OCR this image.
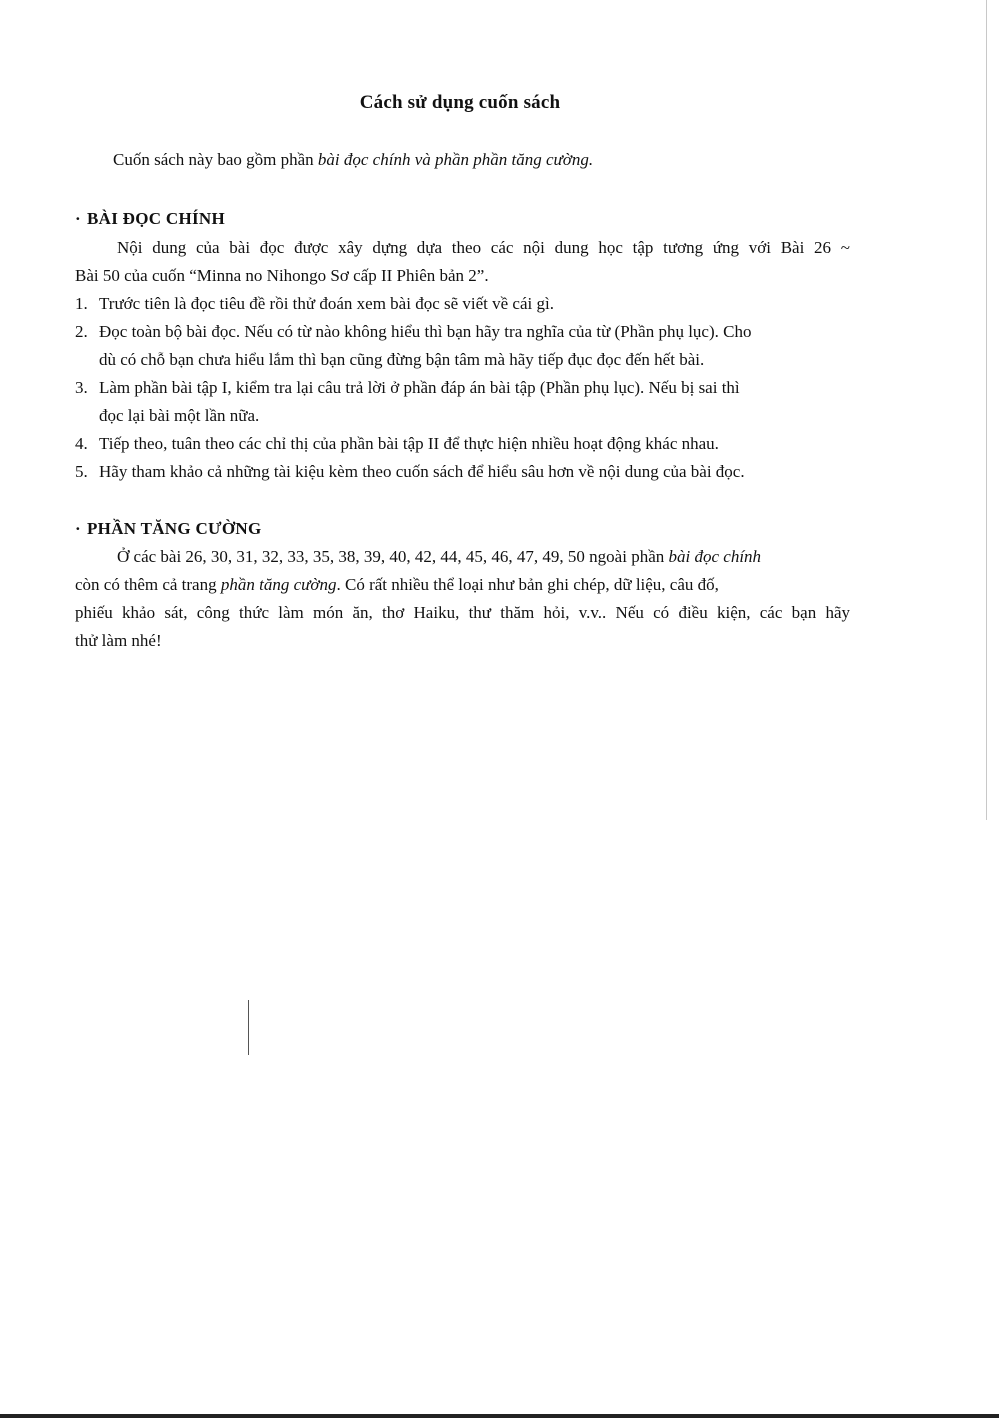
Cách sử dụng cuốn sách
Cuốn sách này bao gồm phần bài đọc chính và phần phần tăng cường.
· BÀI ĐỌC CHÍNH
Nội dung của bài đọc được xây dựng dựa theo các nội dung học tập tương ứng với Bài 26 ~
Bài 50 của cuốn “Minna no Nihongo Sơ cấp II Phiên bản 2”.
1. Trước tiên là đọc tiêu đề rồi thử đoán xem bài đọc sẽ viết về cái gì.
2. Đọc toàn bộ bài đọc. Nếu có từ nào không hiểu thì bạn hãy tra nghĩa của từ (Phần phụ lục). Cho
dù có chỗ bạn chưa hiểu lắm thì bạn cũng đừng bận tâm mà hãy tiếp đục đọc đến hết bài.
3. Làm phần bài tập I, kiểm tra lại câu trả lời ở phần đáp án bài tập (Phần phụ lục). Nếu bị sai thì
đọc lại bài một lần nữa.
4. Tiếp theo, tuân theo các chỉ thị của phần bài tập II để thực hiện nhiều hoạt động khác nhau.
5. Hãy tham khảo cả những tài kiệu kèm theo cuốn sách để hiểu sâu hơn về nội dung của bài đọc.
· PHẦN TĂNG CƯỜNG
Ở các bài 26, 30, 31, 32, 33, 35, 38, 39, 40, 42, 44, 45, 46, 47, 49, 50 ngoài phần bài đọc chính
còn có thêm cả trang phần tăng cường. Có rất nhiều thể loại như bản ghi chép, dữ liệu, câu đố,
phiếu khảo sát, công thức làm món ăn, thơ Haiku, thư thăm hỏi, v.v.. Nếu có điều kiện, các bạn hãy
thử làm nhé!
